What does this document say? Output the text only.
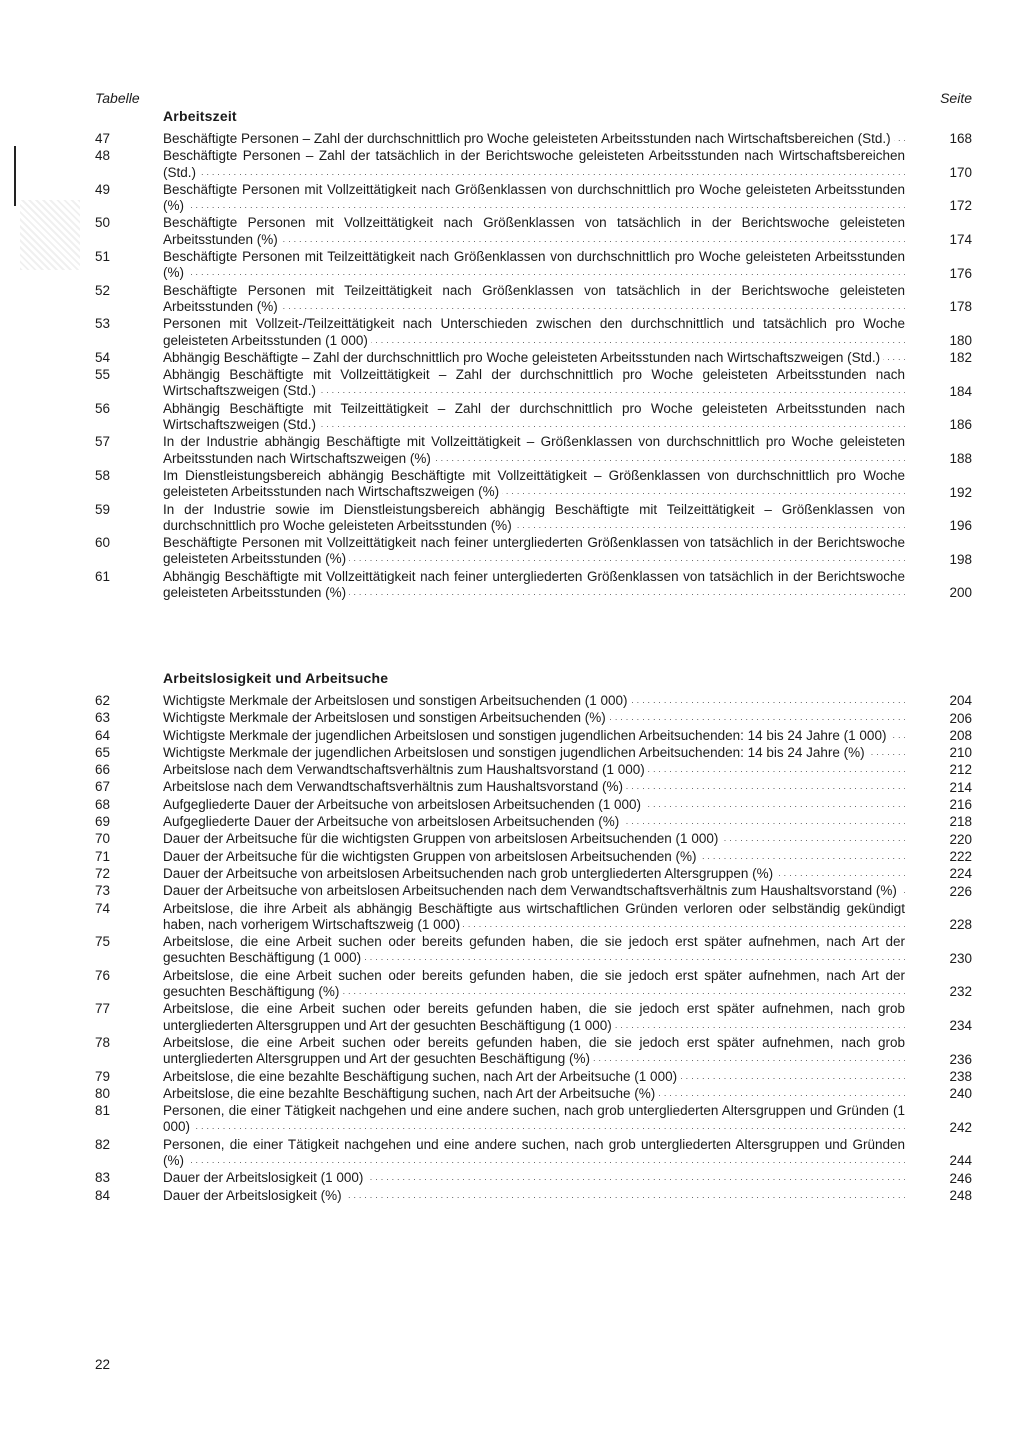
Tabelle	Seite
Arbeitszeit
47	Beschäftigte Personen – Zahl der durchschnittlich pro Woche geleisteten Arbeitsstunden nach Wirtschaftsbereichen (Std.) . . .	168
48	Beschäftigte Personen – Zahl der tatsächlich in der Berichtswoche geleisteten Arbeitsstunden nach Wirtschaftsbereichen (Std.) . . .	170
49	Beschäftigte Personen mit Vollzeittätigkeit nach Größenklassen von durchschnittlich pro Woche geleisteten Arbeitsstunden (%) . . .	172
50	Beschäftigte Personen mit Vollzeittätigkeit nach Größenklassen von tatsächlich in der Berichtswoche geleisteten Arbeitsstunden (%) . . .	174
51	Beschäftigte Personen mit Teilzeittätigkeit nach Größenklassen von durchschnittlich pro Woche geleisteten Arbeitsstunden (%) . . .	176
52	Beschäftigte Personen mit Teilzeittätigkeit nach Größenklassen von tatsächlich in der Berichtswoche geleisteten Arbeitsstunden (%) . . .	178
53	Personen mit Vollzeit-/Teilzeittätigkeit nach Unterschieden zwischen den durchschnittlich und tatsächlich pro Woche geleisteten Arbeitsstunden (1 000) . . .	180
54	Abhängig Beschäftigte – Zahl der durchschnittlich pro Woche geleisteten Arbeitsstunden nach Wirtschaftszweigen (Std.) . . .	182
55	Abhängig Beschäftigte mit Vollzeittätigkeit – Zahl der durchschnittlich pro Woche geleisteten Arbeitsstunden nach Wirtschaftszweigen (Std.) . . .	184
56	Abhängig Beschäftigte mit Teilzeittätigkeit – Zahl der durchschnittlich pro Woche geleisteten Arbeitsstunden nach Wirtschaftszweigen (Std.) . . .	186
57	In der Industrie abhängig Beschäftigte mit Vollzeittätigkeit – Größenklassen von durchschnittlich pro Woche geleisteten Arbeitsstunden nach Wirtschaftszweigen (%) . . .	188
58	Im Dienstleistungsbereich abhängig Beschäftigte mit Vollzeittätigkeit – Größenklassen von durchschnittlich pro Woche geleisteten Arbeitsstunden nach Wirtschaftszweigen (%) . . .	192
59	In der Industrie sowie im Dienstleistungsbereich abhängig Beschäftigte mit Teilzeittätigkeit – Größenklassen von durchschnittlich pro Woche geleisteten Arbeitsstunden (%) . . .	196
60	Beschäftigte Personen mit Vollzeittätigkeit nach feiner untergliederten Größenklassen von tatsächlich in der Berichtswoche geleisteten Arbeitsstunden (%) . . .	198
61	Abhängig Beschäftigte mit Vollzeittätigkeit nach feiner untergliederten Größenklassen von tatsächlich in der Berichtswoche geleisteten Arbeitsstunden (%) . . .	200
Arbeitslosigkeit und Arbeitsuche
62	Wichtigste Merkmale der Arbeitslosen und sonstigen Arbeitsuchenden (1 000) . . .	204
63	Wichtigste Merkmale der Arbeitslosen und sonstigen Arbeitsuchenden (%) . . .	206
64	Wichtigste Merkmale der jugendlichen Arbeitslosen und sonstigen jugendlichen Arbeitsuchenden: 14 bis 24 Jahre (1 000) . . .	208
65	Wichtigste Merkmale der jugendlichen Arbeitslosen und sonstigen jugendlichen Arbeitsuchenden: 14 bis 24 Jahre (%) . . .	210
66	Arbeitslose nach dem Verwandtschaftsverhältnis zum Haushaltsvorstand (1 000) . . .	212
67	Arbeitslose nach dem Verwandtschaftsverhältnis zum Haushaltsvorstand (%) . . .	214
68	Aufgegliederte Dauer der Arbeitsuche von arbeitslosen Arbeitsuchenden (1 000) . . .	216
69	Aufgegliederte Dauer der Arbeitsuche von arbeitslosen Arbeitsuchenden (%) . . .	218
70	Dauer der Arbeitsuche für die wichtigsten Gruppen von arbeitslosen Arbeitsuchenden (1 000) . . .	220
71	Dauer der Arbeitsuche für die wichtigsten Gruppen von arbeitslosen Arbeitsuchenden (%) . . .	222
72	Dauer der Arbeitsuche von arbeitslosen Arbeitsuchenden nach grob untergliederten Altersgruppen (%) . . .	224
73	Dauer der Arbeitsuche von arbeitslosen Arbeitsuchenden nach dem Verwandtschaftsverhältnis zum Haushaltsvorstand (%) . . .	226
74	Arbeitslose, die ihre Arbeit als abhängig Beschäftigte aus wirtschaftlichen Gründen verloren oder selbständig gekündigt haben, nach vorherigem Wirtschaftszweig (1 000) . . .	228
75	Arbeitslose, die eine Arbeit suchen oder bereits gefunden haben, die sie jedoch erst später aufnehmen, nach Art der gesuchten Beschäftigung (1 000) . . .	230
76	Arbeitslose, die eine Arbeit suchen oder bereits gefunden haben, die sie jedoch erst später aufnehmen, nach Art der gesuchten Beschäftigung (%) . . .	232
77	Arbeitslose, die eine Arbeit suchen oder bereits gefunden haben, die sie jedoch erst später aufnehmen, nach grob untergliederten Altersgruppen und Art der gesuchten Beschäftigung (1 000) . . .	234
78	Arbeitslose, die eine Arbeit suchen oder bereits gefunden haben, die sie jedoch erst später aufnehmen, nach grob untergliederten Altersgruppen und Art der gesuchten Beschäftigung (%) . . .	236
79	Arbeitslose, die eine bezahlte Beschäftigung suchen, nach Art der Arbeitsuche (1 000) . . .	238
80	Arbeitslose, die eine bezahlte Beschäftigung suchen, nach Art der Arbeitsuche (%) . . .	240
81	Personen, die einer Tätigkeit nachgehen und eine andere suchen, nach grob untergliederten Altersgruppen und Gründen (1 000) . . .	242
82	Personen, die einer Tätigkeit nachgehen und eine andere suchen, nach grob untergliederten Altersgruppen und Gründen (%) . . .	244
83	Dauer der Arbeitslosigkeit (1 000) . . .	246
84	Dauer der Arbeitslosigkeit (%) . . .	248
22
